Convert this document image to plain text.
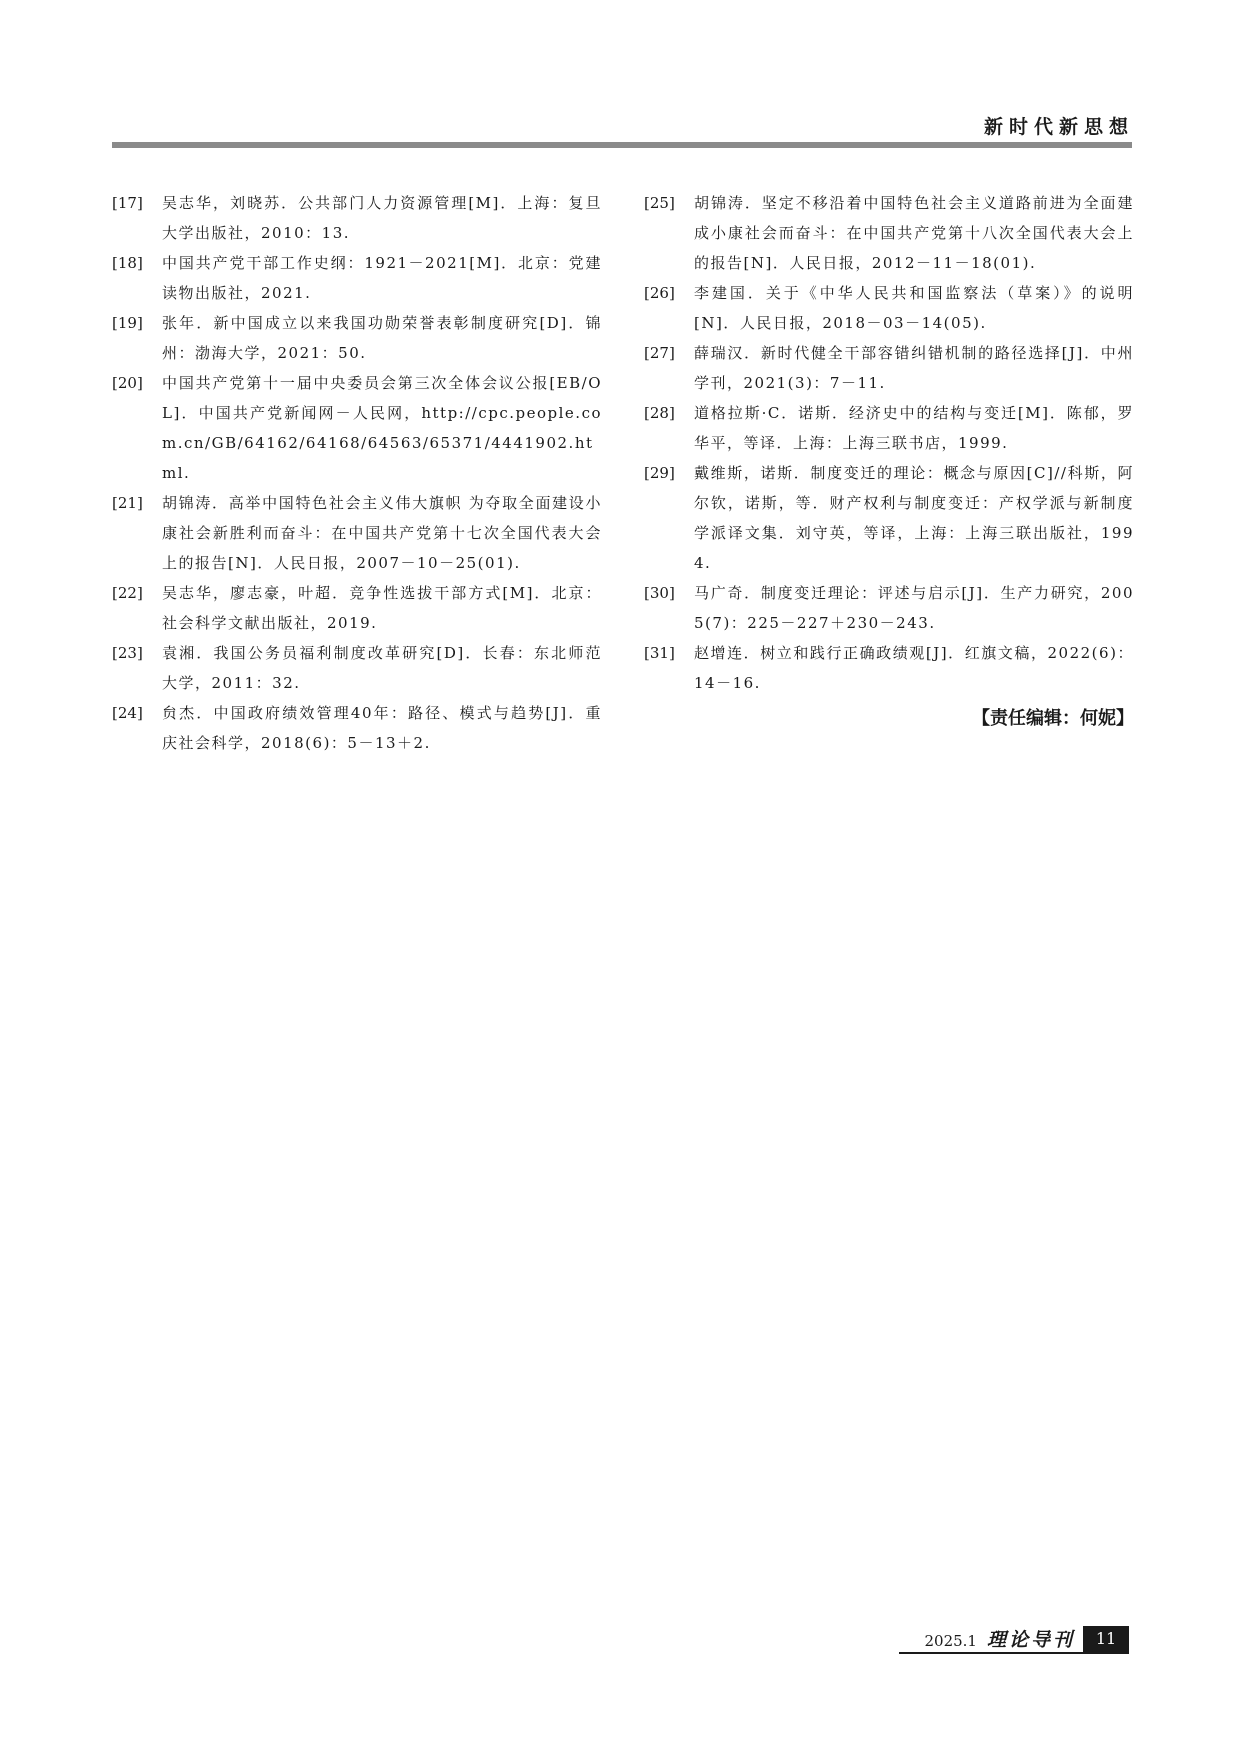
新时代新思想
[17]	吴志华，刘晓苏．公共部门人力资源管理[M]．上海：复旦大学出版社，2010：13.
[18]	中国共产党干部工作史纲：1921－2021[M]．北京：党建读物出版社，2021.
[19]	张年．新中国成立以来我国功勋荣誉表彰制度研究[D]．锦州：渤海大学，2021：50.
[20]	中国共产党第十一届中央委员会第三次全体会议公报[EB/OL]．中国共产党新闻网－人民网，http://cpc.people.com.cn/GB/64162/64168/64563/65371/4441902.html.
[21]	胡锦涛．高举中国特色社会主义伟大旗帜 为夺取全面建设小康社会新胜利而奋斗：在中国共产党第十七次全国代表大会上的报告[N]．人民日报，2007－10－25(01).
[22]	吴志华，廖志豪，叶超．竞争性选拔干部方式[M]．北京：社会科学文献出版社，2019.
[23]	袁湘．我国公务员福利制度改革研究[D]．长春：东北师范大学，2011：32.
[24]	贠杰．中国政府绩效管理40年：路径、模式与趋势[J]．重庆社会科学，2018(6)：5－13＋2.
[25]	胡锦涛．坚定不移沿着中国特色社会主义道路前进为全面建成小康社会而奋斗：在中国共产党第十八次全国代表大会上的报告[N]．人民日报，2012－11－18(01).
[26]	李建国．关于《中华人民共和国监察法（草案）》的说明[N]．人民日报，2018－03－14(05).
[27]	薛瑞汉．新时代健全干部容错纠错机制的路径选择[J]．中州学刊，2021(3)：7－11.
[28]	道格拉斯·C．诺斯．经济史中的结构与变迁[M]．陈郁，罗华平，等译．上海：上海三联书店，1999.
[29]	戴维斯，诺斯．制度变迁的理论：概念与原因[C]//科斯，阿尔钦，诺斯，等．财产权利与制度变迁：产权学派与新制度学派译文集．刘守英，等译，上海：上海三联出版社，1994.
[30]	马广奇．制度变迁理论：评述与启示[J]．生产力研究，2005(7)：225－227＋230－243.
[31]	赵增连．树立和践行正确政绩观[J]．红旗文稿，2022(6)：14－16.
【责任编辑：何妮】
2025.1 理论导刊	11
